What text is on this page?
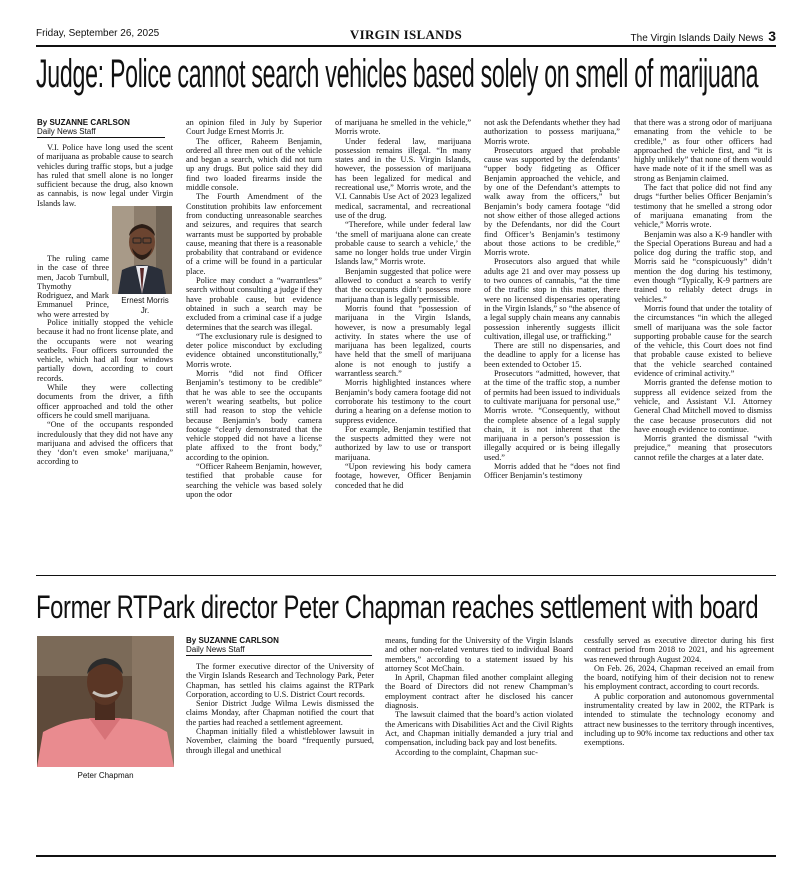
Friday, September 26, 2025	VIRGIN ISLANDS	The Virgin Islands Daily News 3
Judge: Police cannot search vehicles based solely on smell of marijuana
By SUZANNE CARLSON
Daily News Staff

V.I. Police have long used the scent of marijuana as probable cause to search vehicles during traffic stops, but a judge has ruled that smell alone is no longer sufficient because the drug, also known as cannabis, is now legal under Virgin Islands law.

Ernest Morris Jr.

The ruling came in the case of three men, Jacob Turnbull, Thymothy Rodriguez, and Mark Emmanuel Prince, who were arrested by

Police initially stopped the vehicle because it had no front license plate, and the occupants were not wearing seatbelts. Four officers surrounded the vehicle, which had all four windows partially down, according to court records.

While they were collecting documents from the driver, a fifth officer approached and told the other officers he could smell marijuana.

“One of the occupants responded incredulously that they did not have any marijuana and advised the officers that they ‘don’t even smoke’ marijuana,” according to

an opinion filed in July by Superior Court Judge Ernest Morris Jr.

The officer, Raheem Benjamin, ordered all three men out of the vehicle and began a search, which did not turn up any drugs. But police said they did find two loaded firearms inside the middle console.

The Fourth Amendment of the Constitution prohibits law enforcement from conducting unreasonable searches and seizures, and requires that search warrants must be supported by probable cause, meaning that there is a reasonable probability that contraband or evidence of a crime will be found in a particular place.

Police may conduct a “warrantless” search without consulting a judge if they have probable cause, but evidence obtained in such a search may be excluded from a criminal case if a judge determines that the search was illegal.

“The exclusionary rule is designed to deter police misconduct by excluding evidence obtained unconstitutionally,” Morris wrote.

Morris “did not find Officer Benjamin’s testimony to be credible” that he was able to see the occupants weren’t wearing seatbelts, but police still had reason to stop the vehicle because Benjamin’s body camera footage “clearly demonstrated that the vehicle stopped did not have a license plate affixed to the front body,” according to the opinion.

“Officer Raheem Benjamin, however, testified that probable cause for searching the vehicle was based solely upon the odor

of marijuana he smelled in the vehicle,” Morris wrote.

Under federal law, marijuana possession remains illegal. “In many states and in the U.S. Virgin Islands, however, the possession of marijuana has been legalized for medical and recreational use,” Morris wrote, and the V.I. Cannabis Use Act of 2023 legalized medical, sacramental, and recreational use of the drug.

“Therefore, while under federal law ‘the smell of marijuana alone can create probable cause to search a vehicle,’ the same no longer holds true under Virgin Islands law,” Morris wrote.

Benjamin suggested that police were allowed to conduct a search to verify that the occupants didn’t possess more marijuana than is legally permissible.

Morris found that “possession of marijuana in the Virgin Islands, however, is now a presumably legal activity. In states where the use of marijuana has been legalized, courts have held that the smell of marijuana alone is not enough to justify a warrantless search.”

Morris highlighted instances where Benjamin’s body camera footage did not corroborate his testimony to the court during a hearing on a defense motion to suppress evidence.

For example, Benjamin testified that the suspects admitted they were not authorized by law to use or transport marijuana.

“Upon reviewing his body camera footage, however, Officer Benjamin conceded that he did

not ask the Defendants whether they had authorization to possess marijuana,” Morris wrote.

Prosecutors argued that probable cause was supported by the defendants’ “upper body fidgeting as Officer Benjamin approached the vehicle, and by one of the Defendant’s attempts to walk away from the officers,” but Benjamin’s body camera footage “did not show either of those alleged actions by the Defendants, nor did the Court find Officer’s Benjamin’s testimony about those actions to be credible,” Morris wrote.

Prosecutors also argued that while adults age 21 and over may possess up to two ounces of cannabis, “at the time of the traffic stop in this matter, there were no licensed dispensaries operating in the Virgin Islands,” so “the absence of a legal supply chain means any cannabis possession inherently suggests illicit cultivation, illegal use, or trafficking.”

There are still no dispensaries, and the deadline to apply for a license has been extended to October 15.

Prosecutors “admitted, however, that at the time of the traffic stop, a number of permits had been issued to individuals to cultivate marijuana for personal use,” Morris wrote. “Consequently, without the complete absence of a legal supply chain, it is not inherent that the marijuana in a person’s possession is illegally acquired or is being illegally used.”

Morris added that he “does not find Officer Benjamin’s testimony

that there was a strong odor of marijuana emanating from the vehicle to be credible,” as four other officers had approached the vehicle first, and “it is highly unlikely” that none of them would have made note of it if the smell was as strong as Benjamin claimed.

The fact that police did not find any drugs “further belies Officer Benjamin’s testimony that he smelled a strong odor of marijuana emanating from the vehicle,” Morris wrote.

Benjamin was also a K-9 handler with the Special Operations Bureau and had a police dog during the traffic stop, and Morris said he “conspicuously” didn’t mention the dog during his testimony, even though “Typically, K-9 partners are trained to reliably detect drugs in vehicles.”

Morris found that under the totality of the circumstances “in which the alleged smell of marijuana was the sole factor supporting probable cause for the search of the vehicle, this Court does not find that probable cause existed to believe that the vehicle searched contained evidence of criminal activity.”

Morris granted the defense motion to suppress all evidence seized from the vehicle, and Assistant V.I. Attorney General Chad Mitchell moved to dismiss the case because prosecutors did not have enough evidence to continue.

Morris granted the dismissal “with prejudice,” meaning that prosecutors cannot refile the charges at a later date.

Former RTPark director Peter Chapman reaches settlement with board
Peter Chapman
By SUZANNE CARLSON
Daily News Staff

The former executive director of the University of the Virgin Islands Research and Technology Park, Peter Chapman, has settled his claims against the RTPark Corporation, according to U.S. District Court records.

Senior District Judge Wilma Lewis dismissed the claims Monday, after Chapman notified the court that the parties had reached a settlement agreement.

Chapman initially filed a whistleblower lawsuit in November, claiming the board “frequently pursued, through illegal and unethical

means, funding for the University of the Virgin Islands and other non-related ventures tied to individual Board members,” according to a statement issued by his attorney Scot McChain.

In April, Chapman filed another complaint alleging the Board of Directors did not renew Champman’s employment contract after he disclosed his cancer diagnosis.

The lawsuit claimed that the board’s action violated the Americans with Disabilities Act and the Civil Rights Act, and Chapman initially demanded a jury trial and compensation, including back pay and lost benefits.

According to the complaint, Chapman suc-

cessfully served as executive director during his first contract period from 2018 to 2021, and his agreement was renewed through August 2024.

On Feb. 26, 2024, Chapman received an email from the board, notifying him of their decision not to renew his employment contract, according to court records.

A public corporation and autonomous governmental instrumentality created by law in 2002, the RTPark is intended to stimulate the technology economy and attract new businesses to the territory through incentives, including up to 90% income tax reductions and other tax exemptions.
